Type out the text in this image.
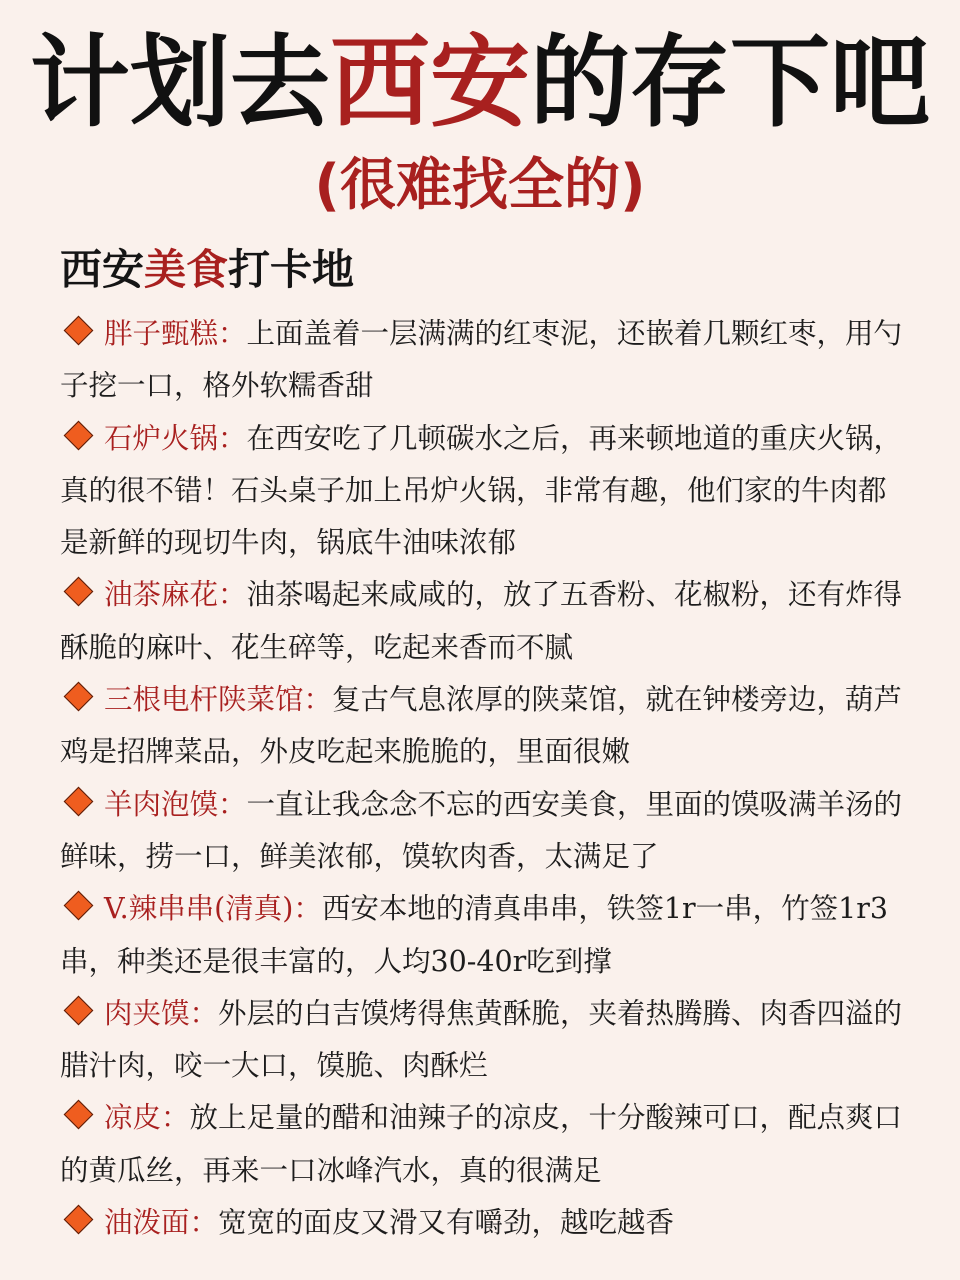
计划去西安的存下吧
(很难找全的)
西安美食打卡地
胖子甄糕：上面盖着一层满满的红枣泥，还嵌着几颗红枣，用勺子挖一口，格外软糯香甜
石炉火锅：在西安吃了几顿碳水之后，再来顿地道的重庆火锅，真的很不错！石头桌子加上吊炉火锅，非常有趣，他们家的牛肉都是新鲜的现切牛肉，锅底牛油味浓郁
油茶麻花：油茶喝起来咸咸的，放了五香粉、花椒粉，还有炸得酥脆的麻叶、花生碎等，吃起来香而不腻
三根电杆陕菜馆：复古气息浓厚的陕菜馆，就在钟楼旁边，葫芦鸡是招牌菜品，外皮吃起来脆脆的，里面很嫩
羊肉泡馍：一直让我念念不忘的西安美食，里面的馍吸满羊汤的鲜味，捞一口，鲜美浓郁，馍软肉香，太满足了
V.辣串串(清真)：西安本地的清真串串，铁签1r一串，竹签1r3串，种类还是很丰富的，人均30-40r吃到撑
肉夹馍：外层的白吉馍烤得焦黄酥脆，夹着热腾腾、肉香四溢的腊汁肉，咬一大口，馍脆、肉酥烂
凉皮：放上足量的醋和油辣子的凉皮，十分酸辣可口，配点爽口的黄瓜丝，再来一口冰峰汽水，真的很满足
油泼面：宽宽的面皮又滑又有嚼劲，越吃越香
